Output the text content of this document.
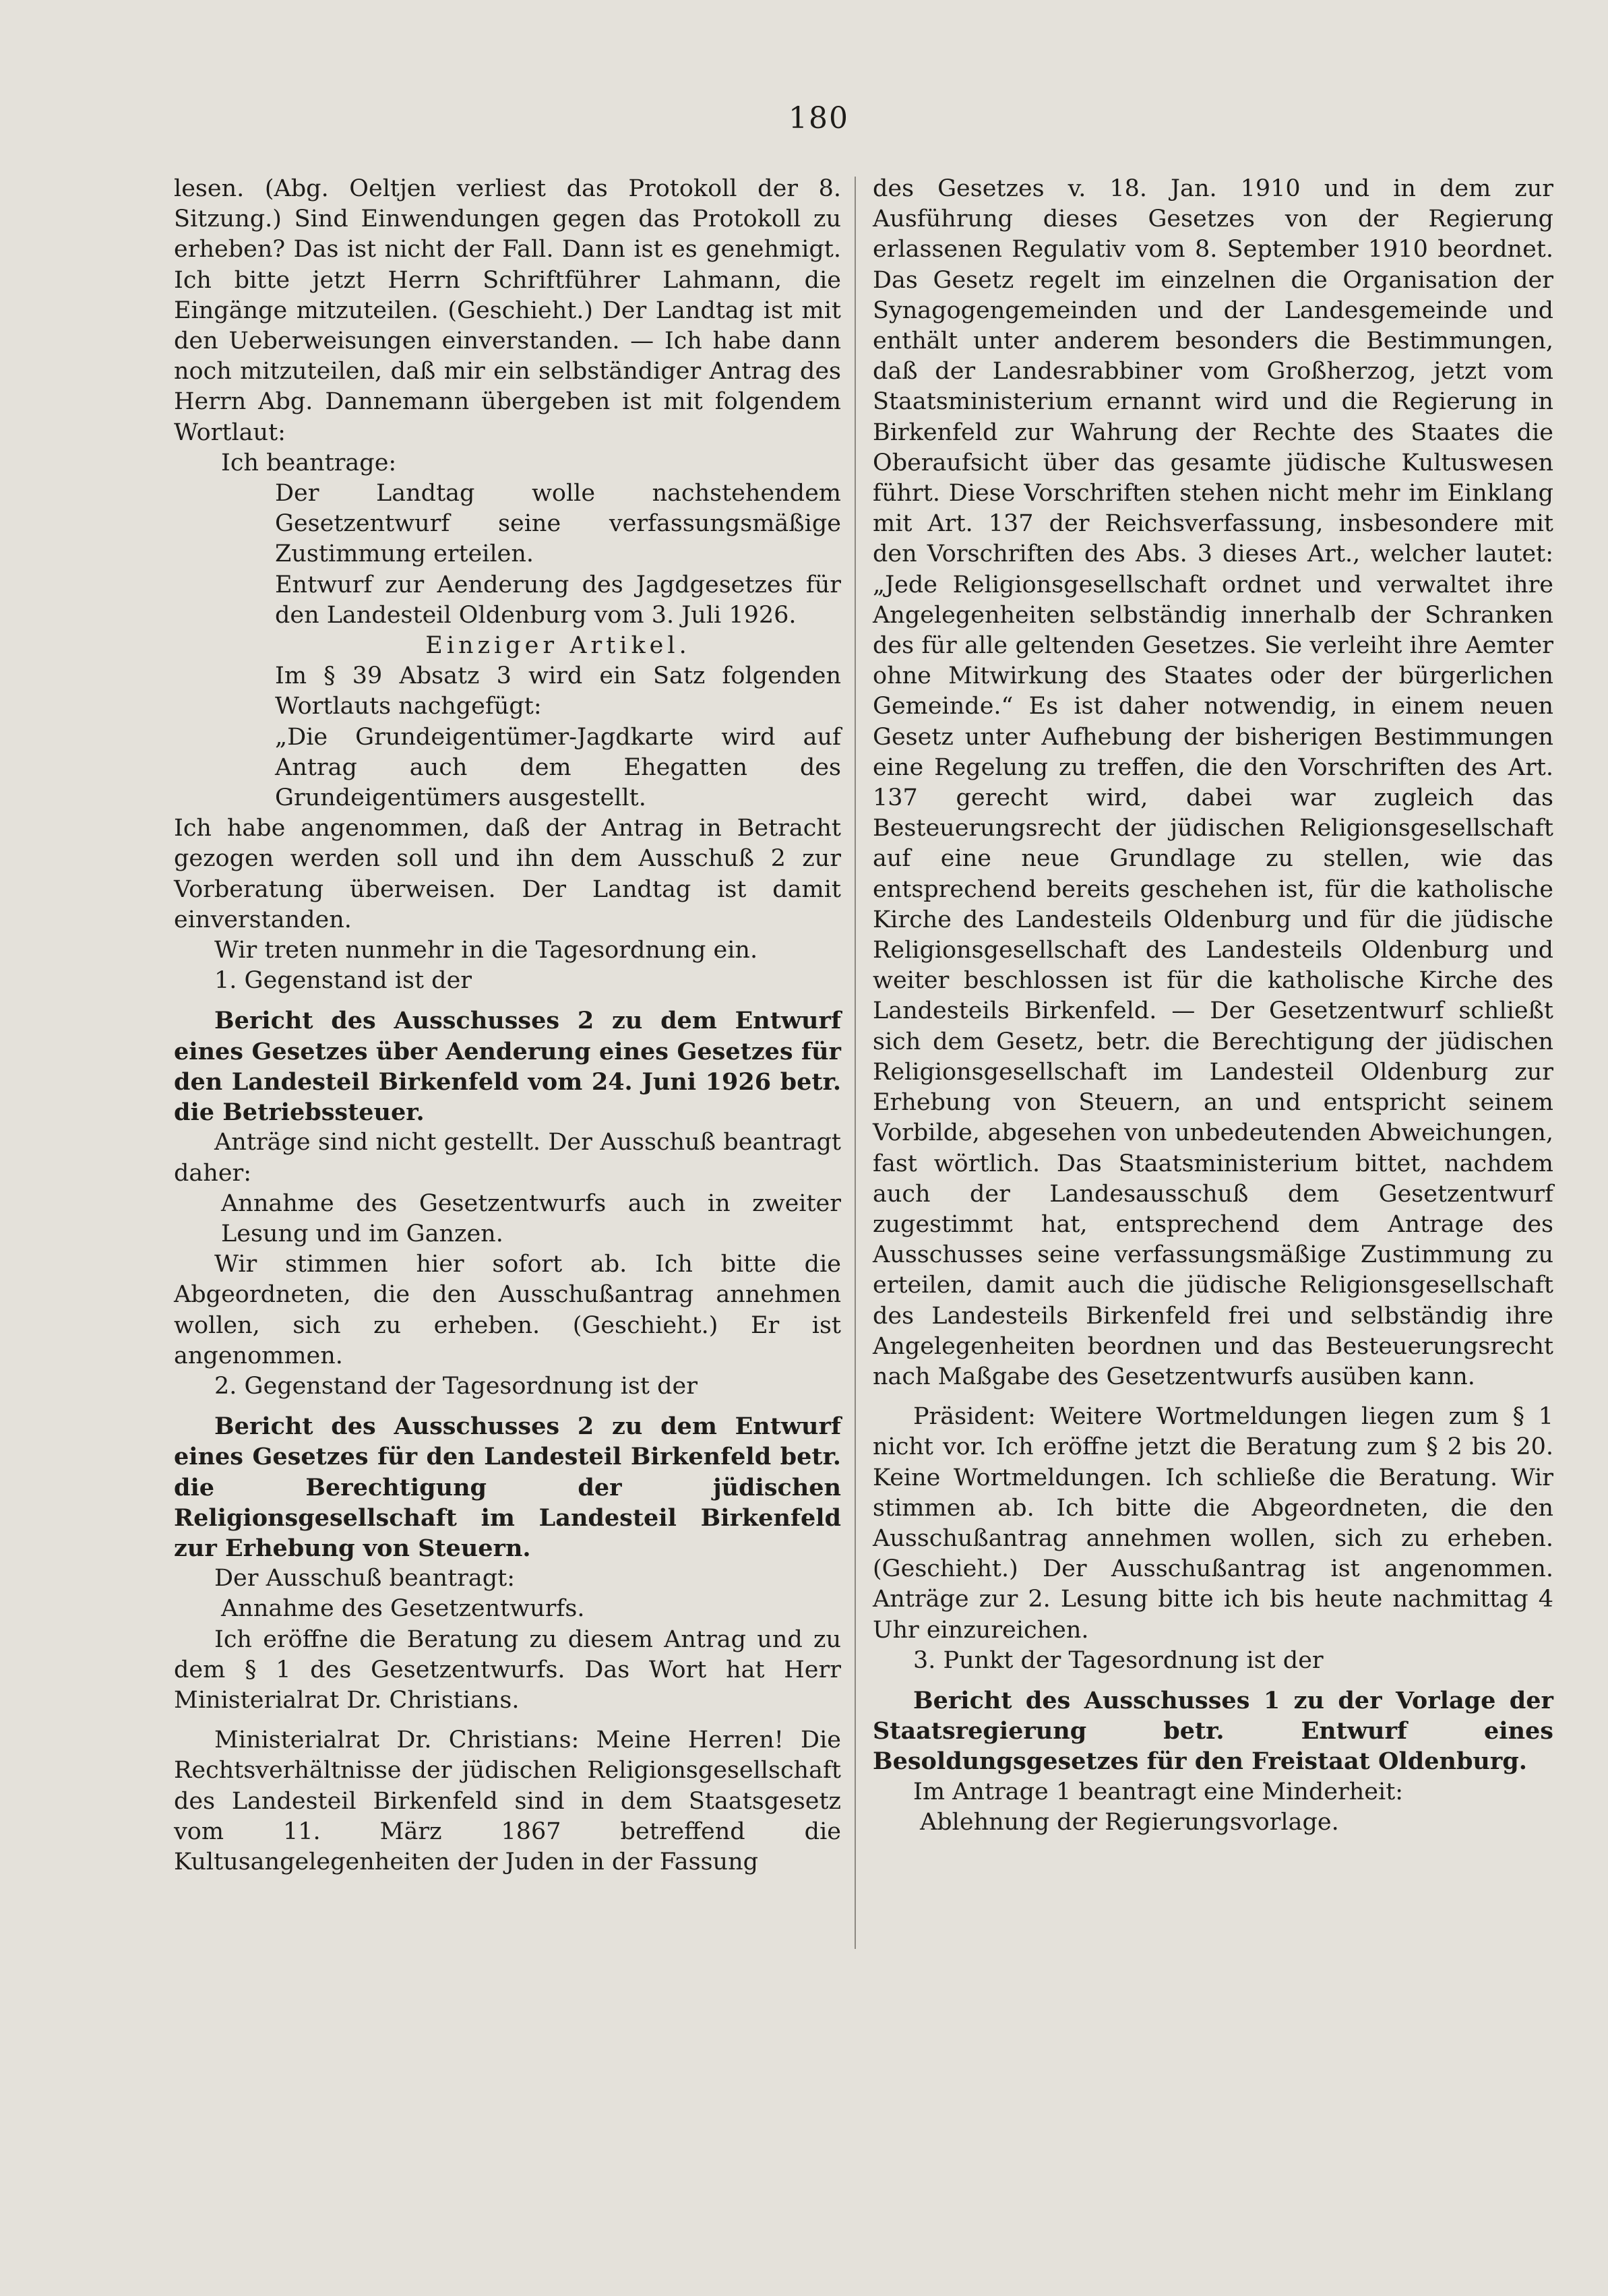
180

lesen. (Abg. Oeltjen verliest das Protokoll der 8. Sitzung.) Sind Einwendungen gegen das Protokoll zu erheben? Das ist nicht der Fall. Dann ist es genehmigt. Ich bitte jetzt Herrn Schriftführer Lahmann, die Eingänge mitzuteilen. (Geschieht.) Der Landtag ist mit den Ueberweisungen einverstanden. — Ich habe dann noch mitzuteilen, daß mir ein selbständiger Antrag des Herrn Abg. Dannemann übergeben ist mit folgendem Wortlaut:

Ich beantrage:

Der Landtag wolle nachstehendem Gesetzentwurf seine verfassungsmäßige Zustimmung erteilen.

Entwurf zur Aenderung des Jagdgesetzes für den Landesteil Oldenburg vom 3. Juli 1926.

Einziger Artikel.

Im § 39 Absatz 3 wird ein Satz folgenden Wortlauts nachgefügt:

„Die Grundeigentümer-Jagdkarte wird auf Antrag auch dem Ehegatten des Grundeigentümers ausgestellt.

Ich habe angenommen, daß der Antrag in Betracht gezogen werden soll und ihn dem Ausschuß 2 zur Vorberatung überweisen. Der Landtag ist damit einverstanden.

Wir treten nunmehr in die Tagesordnung ein.

1. Gegenstand ist der

Bericht des Ausschusses 2 zu dem Entwurf eines Gesetzes über Aenderung eines Gesetzes für den Landesteil Birkenfeld vom 24. Juni 1926 betr. die Betriebssteuer.

Anträge sind nicht gestellt. Der Ausschuß beantragt daher:

Annahme des Gesetzentwurfs auch in zweiter Lesung und im Ganzen.

Wir stimmen hier sofort ab. Ich bitte die Abgeordneten, die den Ausschußantrag annehmen wollen, sich zu erheben. (Geschieht.) Er ist angenommen.

2. Gegenstand der Tagesordnung ist der

Bericht des Ausschusses 2 zu dem Entwurf eines Gesetzes für den Landesteil Birkenfeld betr. die Berechtigung der jüdischen Religionsgesellschaft im Landesteil Birkenfeld zur Erhebung von Steuern.

Der Ausschuß beantragt:

Annahme des Gesetzentwurfs.

Ich eröffne die Beratung zu diesem Antrag und zu dem § 1 des Gesetzentwurfs. Das Wort hat Herr Ministerialrat Dr. Christians.

Ministerialrat Dr. Christians: Meine Herren! Die Rechtsverhältnisse der jüdischen Religionsgesellschaft des Landesteil Birkenfeld sind in dem Staatsgesetz vom 11. März 1867 betreffend die Kultusangelegenheiten der Juden in der Fassung

des Gesetzes v. 18. Jan. 1910 und in dem zur Ausführung dieses Gesetzes von der Regierung erlassenen Regulativ vom 8. September 1910 beordnet. Das Gesetz regelt im einzelnen die Organisation der Synagogengemeinden und der Landesgemeinde und enthält unter anderem besonders die Bestimmungen, daß der Landesrabbiner vom Großherzog, jetzt vom Staatsministerium ernannt wird und die Regierung in Birkenfeld zur Wahrung der Rechte des Staates die Oberaufsicht über das gesamte jüdische Kultuswesen führt. Diese Vorschriften stehen nicht mehr im Einklang mit Art. 137 der Reichsverfassung, insbesondere mit den Vorschriften des Abs. 3 dieses Art., welcher lautet: „Jede Religionsgesellschaft ordnet und verwaltet ihre Angelegenheiten selbständig innerhalb der Schranken des für alle geltenden Gesetzes. Sie verleiht ihre Aemter ohne Mitwirkung des Staates oder der bürgerlichen Gemeinde.“ Es ist daher notwendig, in einem neuen Gesetz unter Aufhebung der bisherigen Bestimmungen eine Regelung zu treffen, die den Vorschriften des Art. 137 gerecht wird, dabei war zugleich das Besteuerungsrecht der jüdischen Religionsgesellschaft auf eine neue Grundlage zu stellen, wie das entsprechend bereits geschehen ist, für die katholische Kirche des Landesteils Oldenburg und für die jüdische Religionsgesellschaft des Landesteils Oldenburg und weiter beschlossen ist für die katholische Kirche des Landesteils Birkenfeld. — Der Gesetzentwurf schließt sich dem Gesetz, betr. die Berechtigung der jüdischen Religionsgesellschaft im Landesteil Oldenburg zur Erhebung von Steuern, an und entspricht seinem Vorbilde, abgesehen von unbedeutenden Abweichungen, fast wörtlich. Das Staatsministerium bittet, nachdem auch der Landesausschuß dem Gesetzentwurf zugestimmt hat, entsprechend dem Antrage des Ausschusses seine verfassungsmäßige Zustimmung zu erteilen, damit auch die jüdische Religionsgesellschaft des Landesteils Birkenfeld frei und selbständig ihre Angelegenheiten beordnen und das Besteuerungsrecht nach Maßgabe des Gesetzentwurfs ausüben kann.

Präsident: Weitere Wortmeldungen liegen zum § 1 nicht vor. Ich eröffne jetzt die Beratung zum § 2 bis 20. Keine Wortmeldungen. Ich schließe die Beratung. Wir stimmen ab. Ich bitte die Abgeordneten, die den Ausschußantrag annehmen wollen, sich zu erheben. (Geschieht.) Der Ausschußantrag ist angenommen. Anträge zur 2. Lesung bitte ich bis heute nachmittag 4 Uhr einzureichen.

3. Punkt der Tagesordnung ist der

Bericht des Ausschusses 1 zu der Vorlage der Staatsregierung betr. Entwurf eines Besoldungsgesetzes für den Freistaat Oldenburg.

Im Antrage 1 beantragt eine Minderheit:

Ablehnung der Regierungsvorlage.
